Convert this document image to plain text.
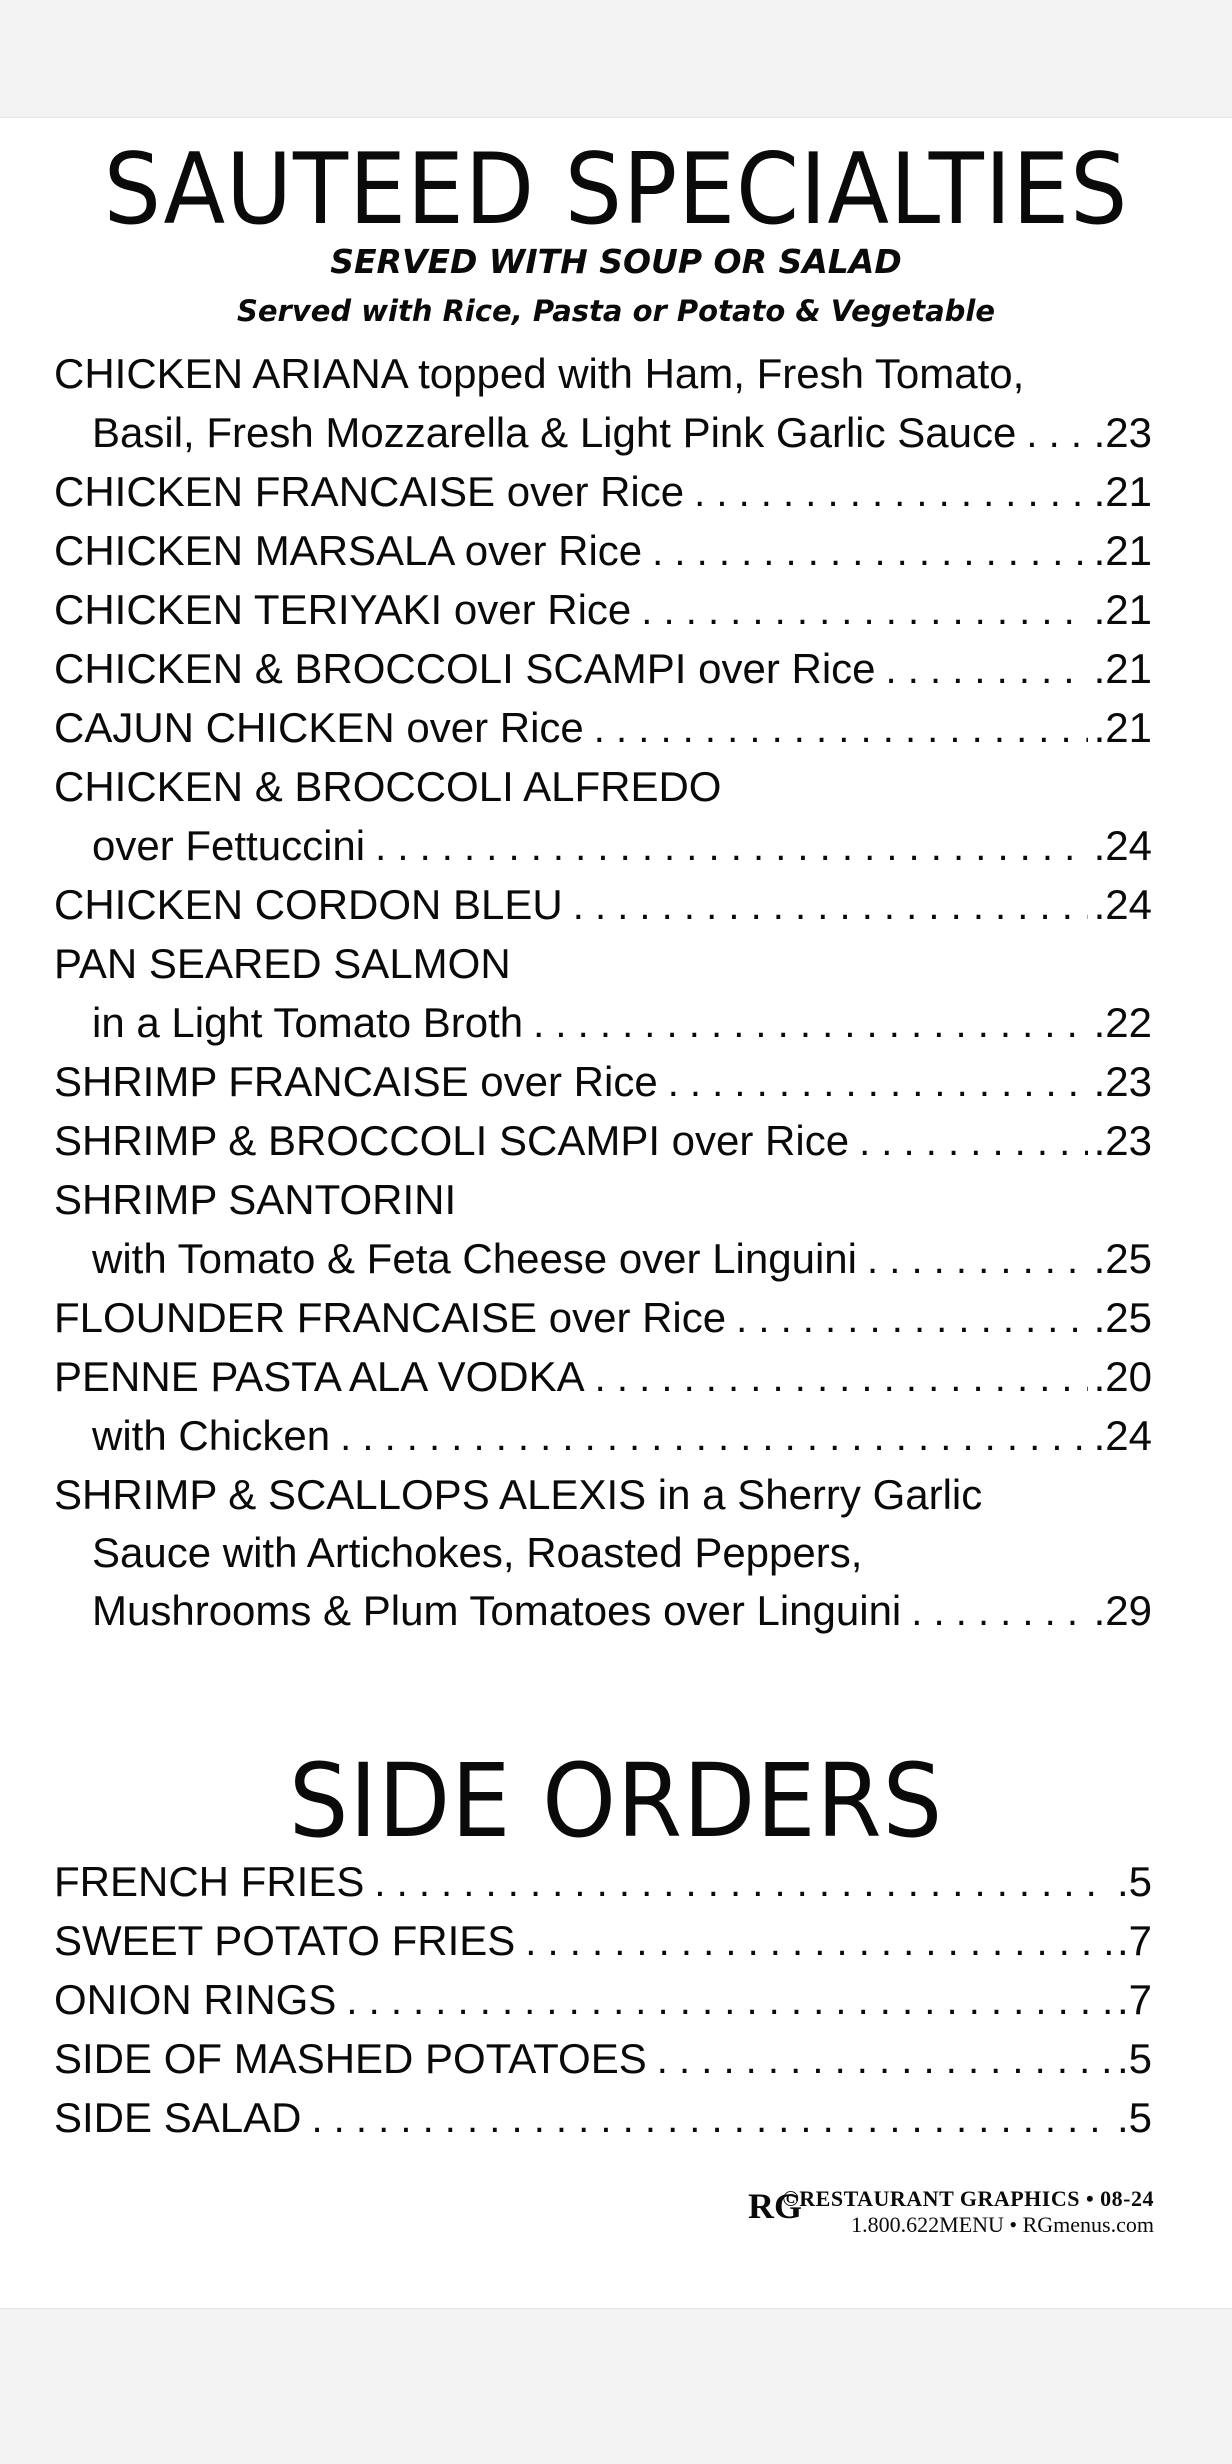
SAUTEED SPECIALTIES

SERVED WITH SOUP OR SALAD

Served with Rice, Pasta or Potato & Vegetable

CHICKEN ARIANA topped with Ham, Fresh Tomato,
Basil, Fresh Mozzarella & Light Pink Garlic Sauce . . . .23
CHICKEN FRANCAISE over Rice . . .	.21
CHICKEN MARSALA over Rice . . .	.21
CHICKEN TERIYAKI over Rice . . .	.21
CHICKEN & BROCCOLI SCAMPI over Rice . . .	.21
CAJUN CHICKEN over Rice . . .	.21
CHICKEN & BROCCOLI ALFREDO
over Fettuccini . . .	.24
CHICKEN CORDON BLEU . . .	.24
PAN SEARED SALMON
in a Light Tomato Broth . . .	.22
SHRIMP FRANCAISE over Rice . . .	.23
SHRIMP & BROCCOLI SCAMPI over Rice . . .	.23
SHRIMP SANTORINI
with Tomato & Feta Cheese over Linguini . . .	.25
FLOUNDER FRANCAISE over Rice . . .	.25
PENNE PASTA ALA VODKA . . .	.20
with Chicken . . .	.24
SHRIMP & SCALLOPS ALEXIS in a Sherry Garlic
Sauce with Artichokes, Roasted Peppers,
Mushrooms & Plum Tomatoes over Linguini . . .	.29
SIDE ORDERS
FRENCH FRIES . . .	.5
SWEET POTATO FRIES . . .	.7
ONION RINGS . . .	.7
SIDE OF MASHED POTATOES . . .	.5
SIDE SALAD . . .	.5
RG
©RESTAURANT GRAPHICS • 08-24
1.800.622MENU • RGmenus.com
